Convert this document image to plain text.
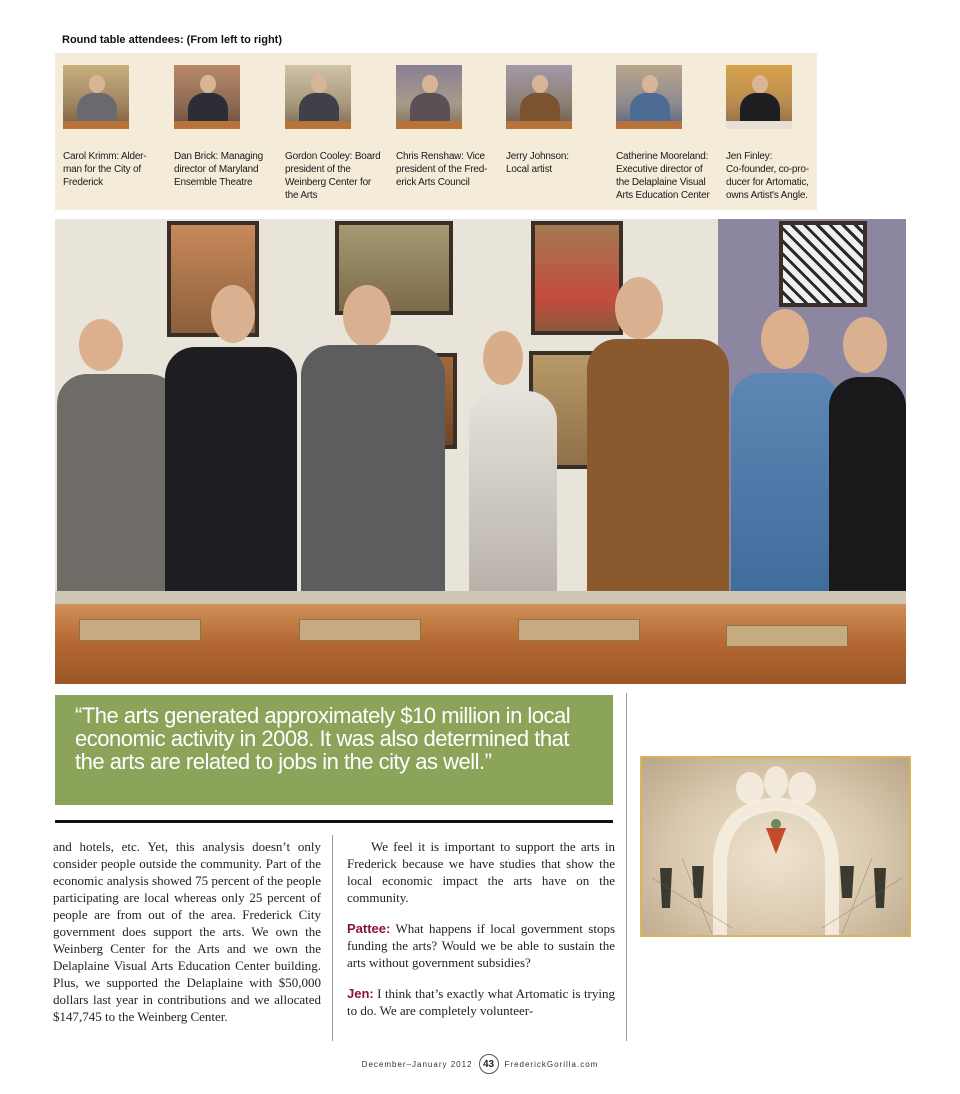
Round table attendees: (From left to right)
Carol Krimm: Alder-
man for the City of
Frederick
Dan Brick: Managing
director of Maryland
Ensemble Theatre
Gordon Cooley: Board
president of the
Weinberg Center for
the Arts
Chris Renshaw: Vice
president of the Fred-
erick Arts Council
Jerry Johnson:
Local artist
Catherine Mooreland:
Executive director of
the Delaplaine Visual
Arts Education Center
Jen Finley:
Co-founder, co-pro-
ducer for Artomatic,
owns Artist's Angle.
“The arts generated approximately $10 million in local economic activity in 2008. It was also determined that the arts are related to jobs in the city as well.”

and hotels, etc. Yet, this analysis doesn’t only consider people outside the community. Part of the economic analysis showed 75 percent of the people participating are local whereas only 25 percent of people are from out of the area. Frederick City government does support the arts. We own the Weinberg Center for the Arts and we own the Delaplaine Visual Arts Education Center building. Plus, we supported the Delaplaine with $50,000 dollars last year in contributions and we allocated $147,745 to the Weinberg Center.

We feel it is important to support the arts in Frederick because we have studies that show the local economic impact the arts have on the community.

Pattee: What happens if local government stops funding the arts? Would we be able to sustain the arts without government subsidies?

Jen: I think that’s exactly what Artomatic is trying to do. We are completely volunteer-

December–January 2012	43	FrederickGorilla.com
